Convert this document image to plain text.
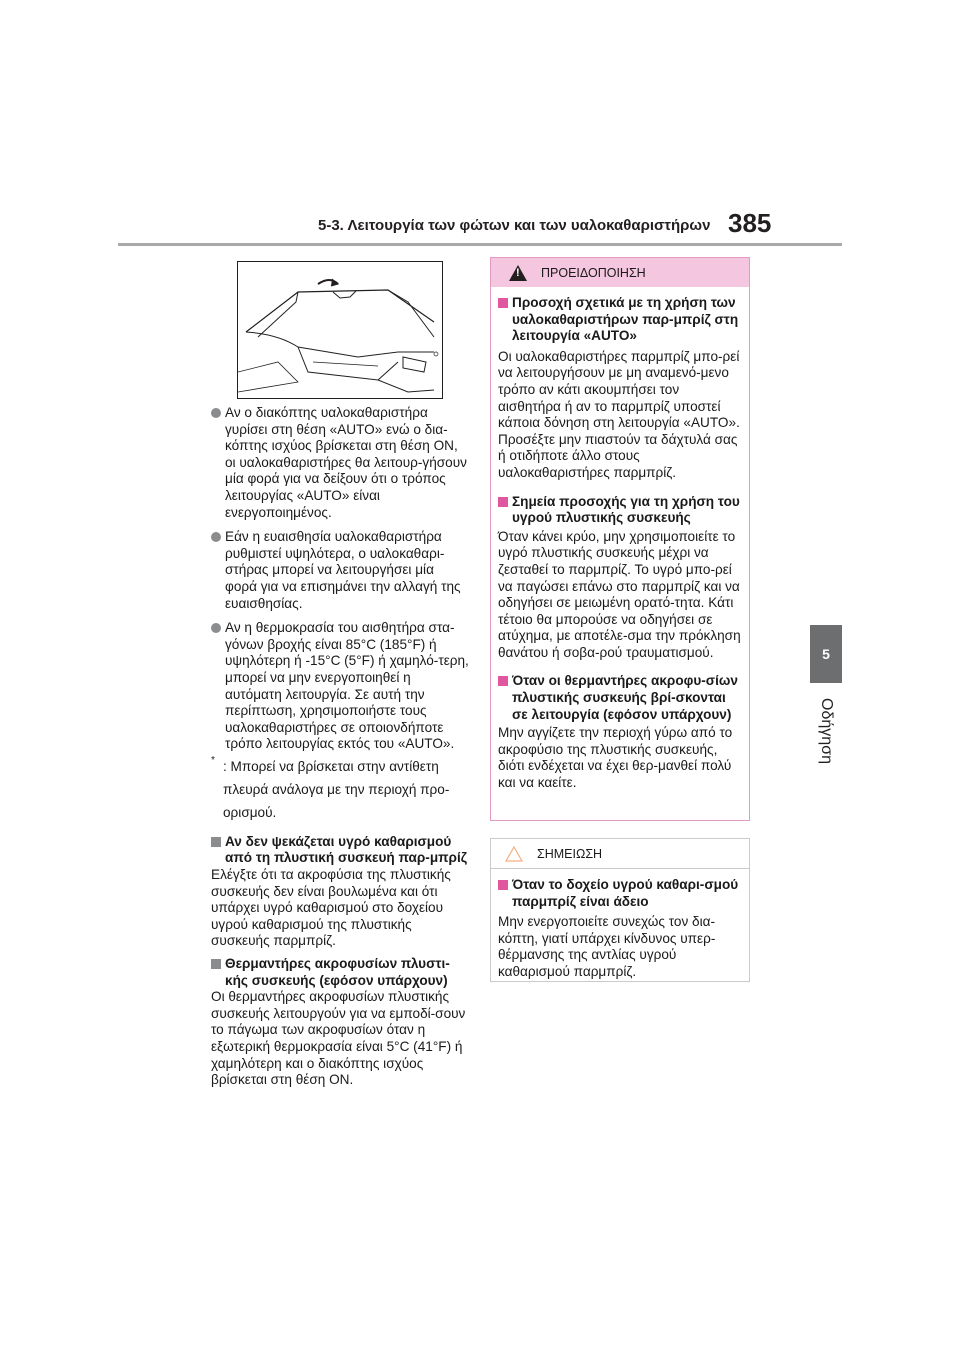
5-3. Λειτουργία των φώτων και των υαλοκαθαριστήρων 385
5
Οδήγηση
Αν ο διακόπτης υαλοκαθαριστήρα γυρίσει στη θέση «AUTO» ενώ ο δια-κόπτης ισχύος βρίσκεται στη θέση ON, οι υαλοκαθαριστήρες θα λειτουρ-γήσουν μία φορά για να δείξουν ότι ο τρόπος λειτουργίας «AUTO» είναι ενεργοποιημένος.
Εάν η ευαισθησία υαλοκαθαριστήρα ρυθμιστεί υψηλότερα, ο υαλοκαθαρι-στήρας μπορεί να λειτουργήσει μία φορά για να επισημάνει την αλλαγή της ευαισθησίας.
Αν η θερμοκρασία του αισθητήρα στα-γόνων βροχής είναι 85°C (185°F) ή υψηλότερη ή -15°C (5°F) ή χαμηλό-τερη, μπορεί να μην ενεργοποιηθεί η αυτόματη λειτουργία. Σε αυτή την περίπτωση, χρησιμοποιήστε τους υαλοκαθαριστήρες σε οποιονδήποτε τρόπο λειτουργίας εκτός του «AUTO».
* : Μπορεί να βρίσκεται στην αντίθετη πλευρά ανάλογα με την περιοχή προ-ορισμού.
Αν δεν ψεκάζεται υγρό καθαρισμού από τη πλυστική συσκευή παρ-μπρίζ
Ελέγξτε ότι τα ακροφύσια της πλυστικής συσκευής δεν είναι βουλωμένα και ότι υπάρχει υγρό καθαρισμού στο δοχείου υγρού καθαρισμού της πλυστικής συσκευής παρμπρίζ.
Θερμαντήρες ακροφυσίων πλυστι-κής συσκευής (εφόσον υπάρχουν)
Οι θερμαντήρες ακροφυσίων πλυστικής συσκευής λειτουργούν για να εμποδί-σουν το πάγωμα των ακροφυσίων όταν η εξωτερική θερμοκρασία είναι 5°C (41°F) ή χαμηλότερη και ο διακόπτης ισχύος βρίσκεται στη θέση ON.
!
ΠΡΟΕΙΔΟΠΟΙΗΣΗ
Προσοχή σχετικά με τη χρήση των υαλοκαθαριστήρων παρ-μπρίζ στη λειτουργία «AUTO»
Οι υαλοκαθαριστήρες παρμπρίζ μπο-ρεί να λειτουργήσουν με μη αναμενό-μενο τρόπο αν κάτι ακουμπήσει τον αισθητήρα ή αν το παρμπρίζ υποστεί κάποια δόνηση στη λειτουργία «AUTO». Προσέξτε μην πιαστούν τα δάχτυλά σας ή οτιδήποτε άλλο στους υαλοκαθαριστήρες παρμπρίζ.
Σημεία προσοχής για τη χρήση του υγρού πλυστικής συσκευής
Όταν κάνει κρύο, μην χρησιμοποιείτε το υγρό πλυστικής συσκευής μέχρι να ζεσταθεί το παρμπρίζ. Το υγρό μπο-ρεί να παγώσει επάνω στο παρμπρίζ και να οδηγήσει σε μειωμένη ορατό-τητα. Κάτι τέτοιο θα μπορούσε να οδηγήσει σε ατύχημα, με αποτέλε-σμα την πρόκληση θανάτου ή σοβα-ρού τραυματισμού.
Όταν οι θερμαντήρες ακροφυ-σίων πλυστικής συσκευής βρί-σκονται σε λειτουργία (εφόσον υπάρχουν)
Μην αγγίζετε την περιοχή γύρω από το ακροφύσιο της πλυστικής συσκευής, διότι ενδέχεται να έχει θερ-μανθεί πολύ και να καείτε.
ΣΗΜΕΙΩΣΗ
Όταν το δοχείο υγρού καθαρι-σμού παρμπρίζ είναι άδειο
Μην ενεργοποιείτε συνεχώς τον δια-κόπτη, γιατί υπάρχει κίνδυνος υπερ-θέρμανσης της αντλίας υγρού καθαρισμού παρμπρίζ.
